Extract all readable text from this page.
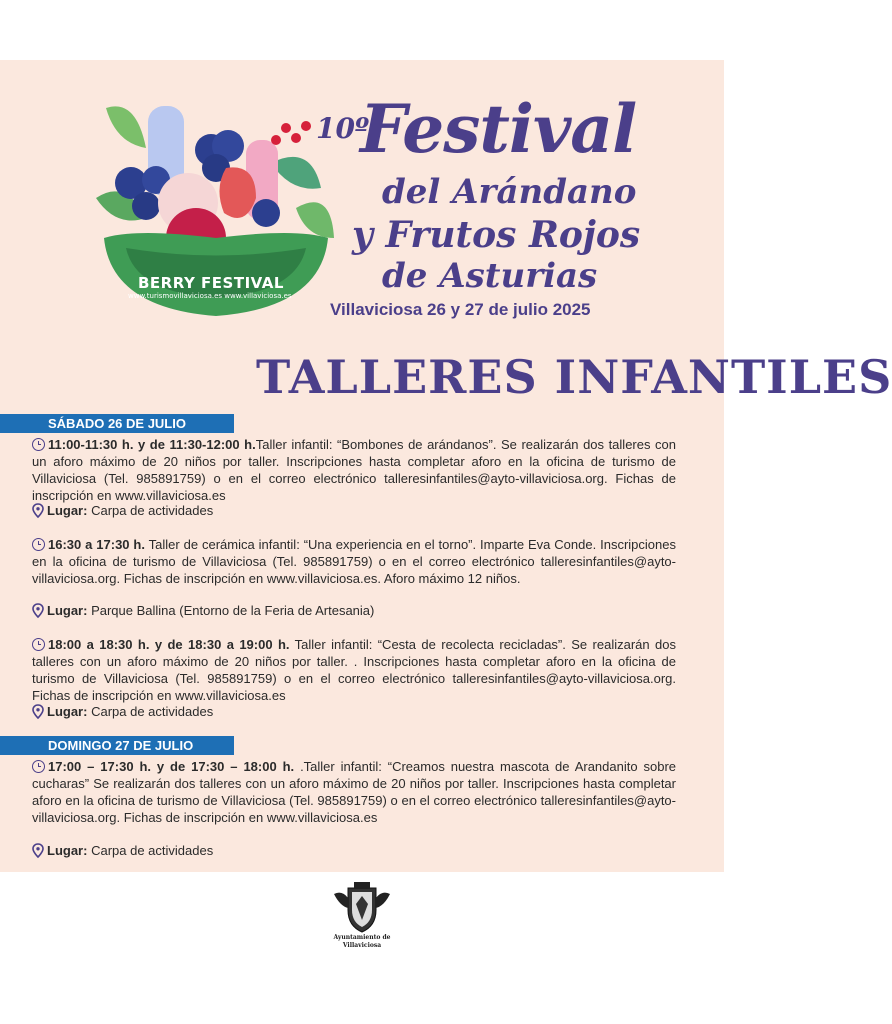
BERRY FESTIVAL
www.turismovillaviciosa.es www.villaviciosa.es
10º
Festival
del Arándano
y Frutos Rojos
de Asturias
Villaviciosa 26 y 27 de julio 2025
TALLERES INFANTILES
SÁBADO 26 DE JULIO
11:00-11:30 h. y de 11:30-12:00 h.Taller infantil: “Bombones de arándanos”. Se realizarán dos talleres con un aforo máximo de 20 niños por taller. Inscripciones hasta completar aforo en la oficina de turismo de Villaviciosa (Tel. 985891759) o en el correo electrónico talleresinfantiles@ayto-villaviciosa.org. Fichas de inscripción en www.villaviciosa.es
Lugar: Carpa de actividades
16:30 a 17:30 h. Taller de cerámica infantil: “Una experiencia en el torno”. Imparte Eva Conde. Inscripciones en la oficina de turismo de Villaviciosa (Tel. 985891759) o en el correo electrónico talleresinfantiles@ayto-villaviciosa.org. Fichas de inscripción en www.villaviciosa.es. Aforo máximo 12 niños.
Lugar: Parque Ballina (Entorno de la Feria de Artesania)
18:00 a 18:30 h. y de 18:30 a 19:00 h. Taller infantil: “Cesta de recolecta recicladas”. Se realizarán dos talleres con un aforo máximo de 20 niños por taller. . Inscripciones hasta completar aforo en la oficina de turismo de Villaviciosa (Tel. 985891759) o en el correo electrónico talleresinfantiles@ayto-villaviciosa.org. Fichas de inscripción en www.villaviciosa.es
Lugar: Carpa de actividades
DOMINGO 27 DE JULIO
17:00 – 17:30 h. y de 17:30 – 18:00 h. .Taller infantil: “Creamos nuestra mascota de Arandanito sobre cucharas” Se realizarán dos talleres con un aforo máximo de 20 niños por taller. Inscripciones hasta completar aforo en la oficina de turismo de Villaviciosa (Tel. 985891759) o en el correo electrónico talleresinfantiles@ayto-villaviciosa.org. Fichas de inscripción en www.villaviciosa.es
Lugar: Carpa de actividades
Ayuntamiento de
Villaviciosa
